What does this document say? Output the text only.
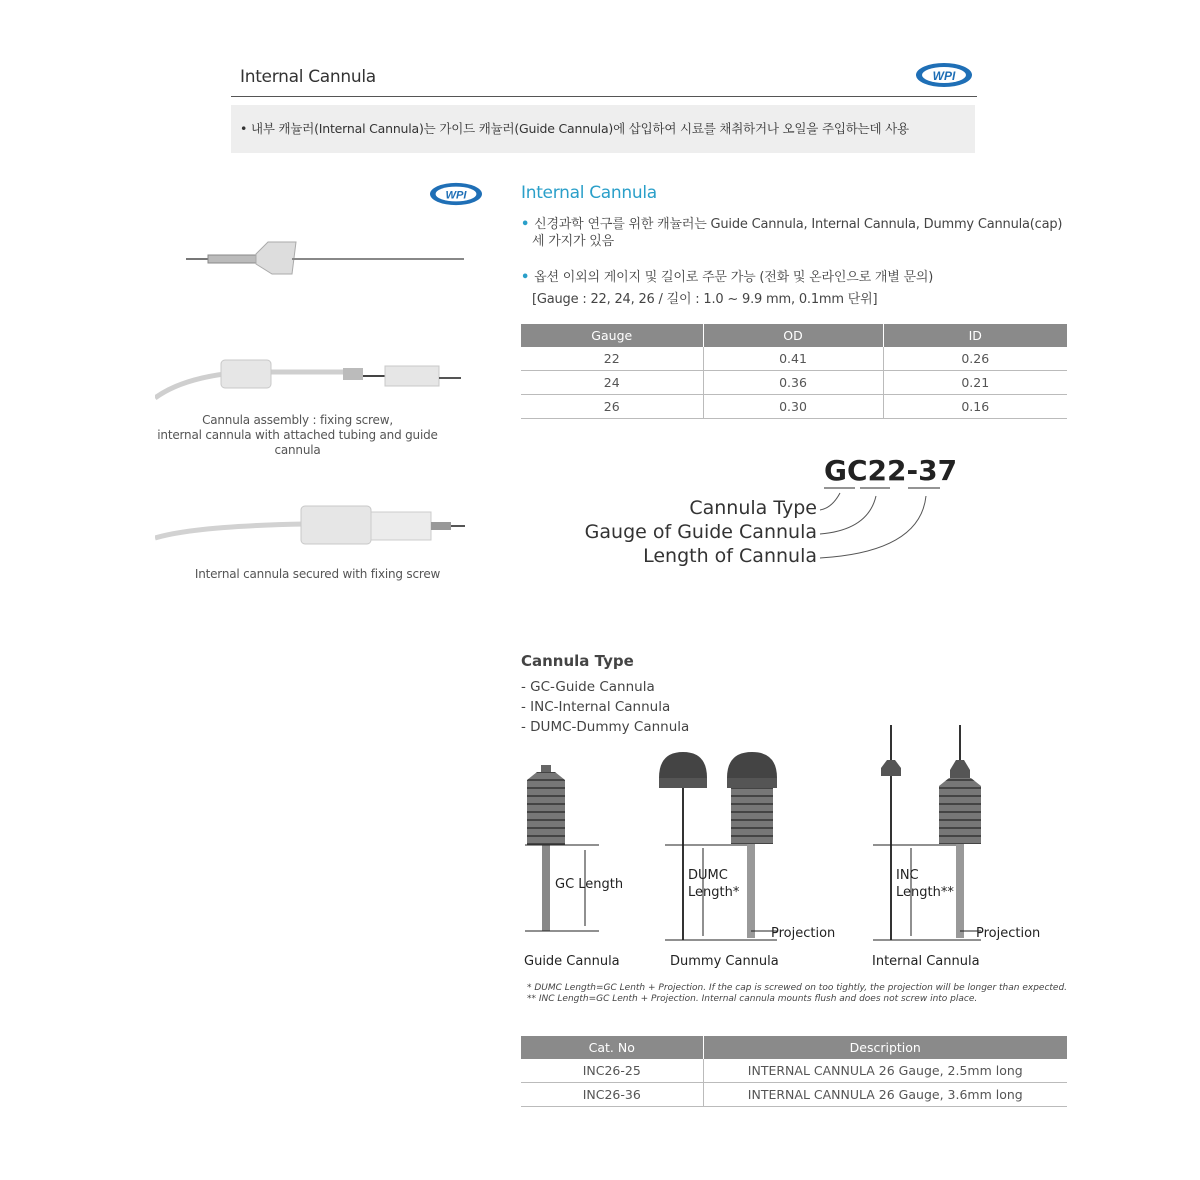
Internal Cannula	WPI
• 내부 캐뉼러(Internal Cannula)는 가이드 캐뉼러(Guide Cannula)에 삽입하여 시료를 채취하거나 오일을 주입하는데 사용
WPI
Cannula assembly : fixing screw,
internal cannula with attached tubing and guide cannula
Internal cannula secured with fixing screw
Internal Cannula
• 신경과학 연구를 위한 캐뉼러는 Guide Cannula, Internal Cannula, Dummy Cannula(cap)
세 가지가 있음
• 옵션 이외의 게이지 및 길이로 주문 가능 (전화 및 온라인으로 개별 문의)
[Gauge : 22, 24, 26 / 길이 : 1.0 ~ 9.9 mm, 0.1mm 단위]
Gauge	OD	ID
22	0.41	0.26
24	0.36	0.21
26	0.30	0.16
GC22-37
Cannula Type
Gauge of Guide Cannula
Length of Cannula
Cannula Type
- GC-Guide Cannula
- INC-Internal Cannula
- DUMC-Dummy Cannula
GC Length
Guide Cannula
DUMC
Length*
Projection
Dummy Cannula
INC
Length**
Projection
Internal Cannula
* DUMC Length=GC Lenth + Projection. If the cap is screwed on too tightly, the projection will be longer than expected.
** INC Length=GC Lenth + Projection. Internal cannula mounts flush and does not screw into place.
Cat. No	Description
INC26-25	INTERNAL CANNULA 26 Gauge, 2.5mm long
INC26-36	INTERNAL CANNULA 26 Gauge, 3.6mm long
